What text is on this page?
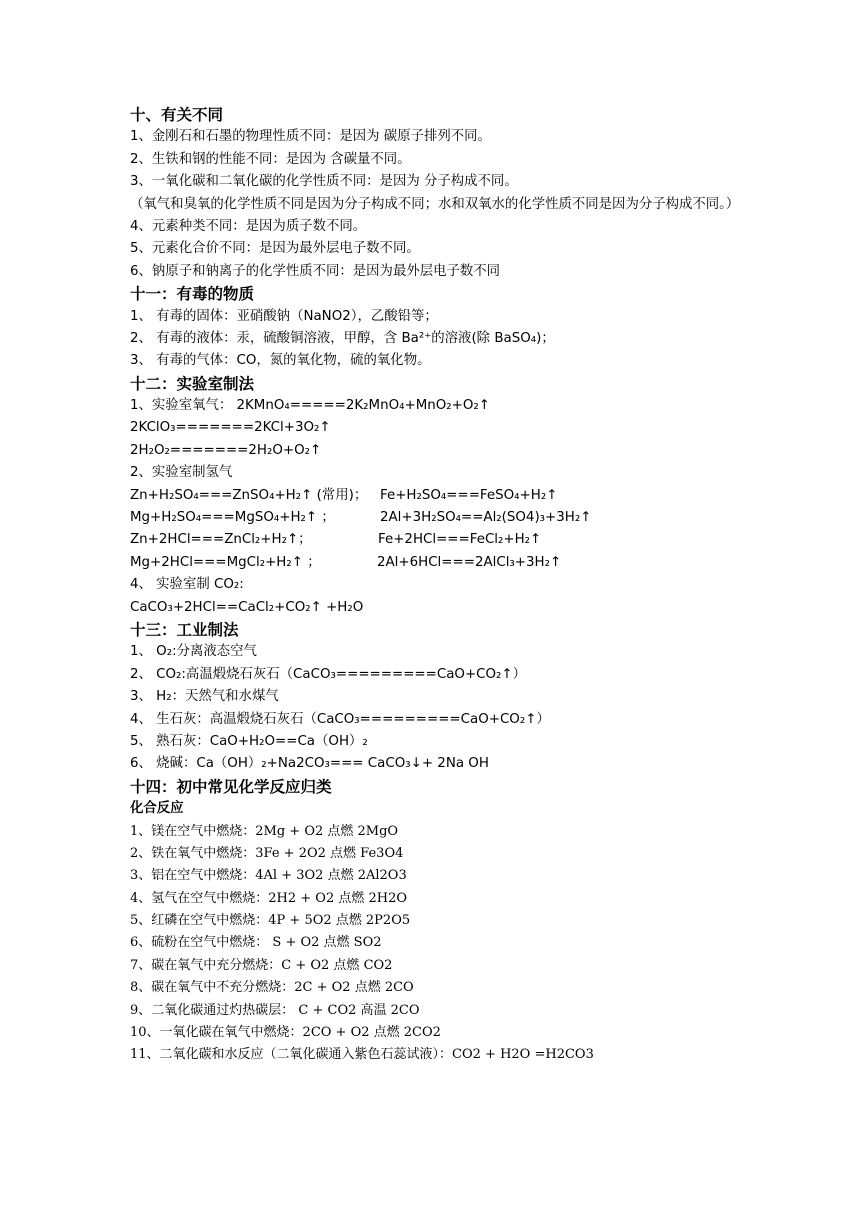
十、有关不同
1、金刚石和石墨的物理性质不同：是因为 碳原子排列不同。
2、生铁和钢的性能不同：是因为 含碳量不同。
3、一氧化碳和二氧化碳的化学性质不同：是因为 分子构成不同。
（氧气和臭氧的化学性质不同是因为分子构成不同；水和双氧水的化学性质不同是因为分子构成不同。）
4、元素种类不同：是因为质子数不同。
5、元素化合价不同：是因为最外层电子数不同。
6、钠原子和钠离子的化学性质不同：是因为最外层电子数不同
十一：有毒的物质
1、 有毒的固体：亚硝酸钠（NaNO2），乙酸铅等；
2、 有毒的液体：汞，硫酸铜溶液，甲醇，含 Ba²⁺的溶液(除 BaSO₄)；
3、 有毒的气体：CO，氮的氧化物，硫的氧化物。
十二：实验室制法
1、实验室氧气： 2KMnO₄=====2K₂MnO₄+MnO₂+O₂↑
2KClO₃=======2KCl+3O₂↑
2H₂O₂=======2H₂O+O₂↑
2、实验室制氢气
Zn+H₂SO₄===ZnSO₄+H₂↑ (常用)； Fe+H₂SO₄===FeSO₄+H₂↑
Mg+H₂SO₄===MgSO₄+H₂↑ ；	2Al+3H₂SO₄==Al₂(SO4)₃+3H₂↑
Zn+2HCl===ZnCl₂+H₂↑；	Fe+2HCl===FeCl₂+H₂↑
Mg+2HCl===MgCl₂+H₂↑ ；	2Al+6HCl===2AlCl₃+3H₂↑
4、 实验室制 CO₂:
CaCO₃+2HCl==CaCl₂+CO₂↑ +H₂O
十三：工业制法
1、 O₂:分离液态空气
2、 CO₂:高温煅烧石灰石（CaCO₃=========CaO+CO₂↑）
3、 H₂：天然气和水煤气
4、 生石灰：高温煅烧石灰石（CaCO₃=========CaO+CO₂↑）
5、 熟石灰：CaO+H₂O==Ca（OH）₂
6、 烧碱：Ca（OH）₂+Na2CO₃=== CaCO₃↓+ 2Na OH
十四：初中常见化学反应归类
化合反应
1、镁在空气中燃烧：2Mg + O2 点燃 2MgO
2、铁在氧气中燃烧：3Fe + 2O2 点燃 Fe3O4
3、铝在空气中燃烧：4Al + 3O2 点燃 2Al2O3
4、氢气在空气中燃烧：2H2 + O2 点燃 2H2O
5、红磷在空气中燃烧：4P + 5O2 点燃 2P2O5
6、硫粉在空气中燃烧： S + O2 点燃 SO2
7、碳在氧气中充分燃烧：C + O2 点燃 CO2
8、碳在氧气中不充分燃烧：2C + O2 点燃 2CO
9、二氧化碳通过灼热碳层： C + CO2 高温 2CO
10、一氧化碳在氧气中燃烧：2CO + O2 点燃 2CO2
11、二氧化碳和水反应（二氧化碳通入紫色石蕊试液）：CO2 + H2O =H2CO3
